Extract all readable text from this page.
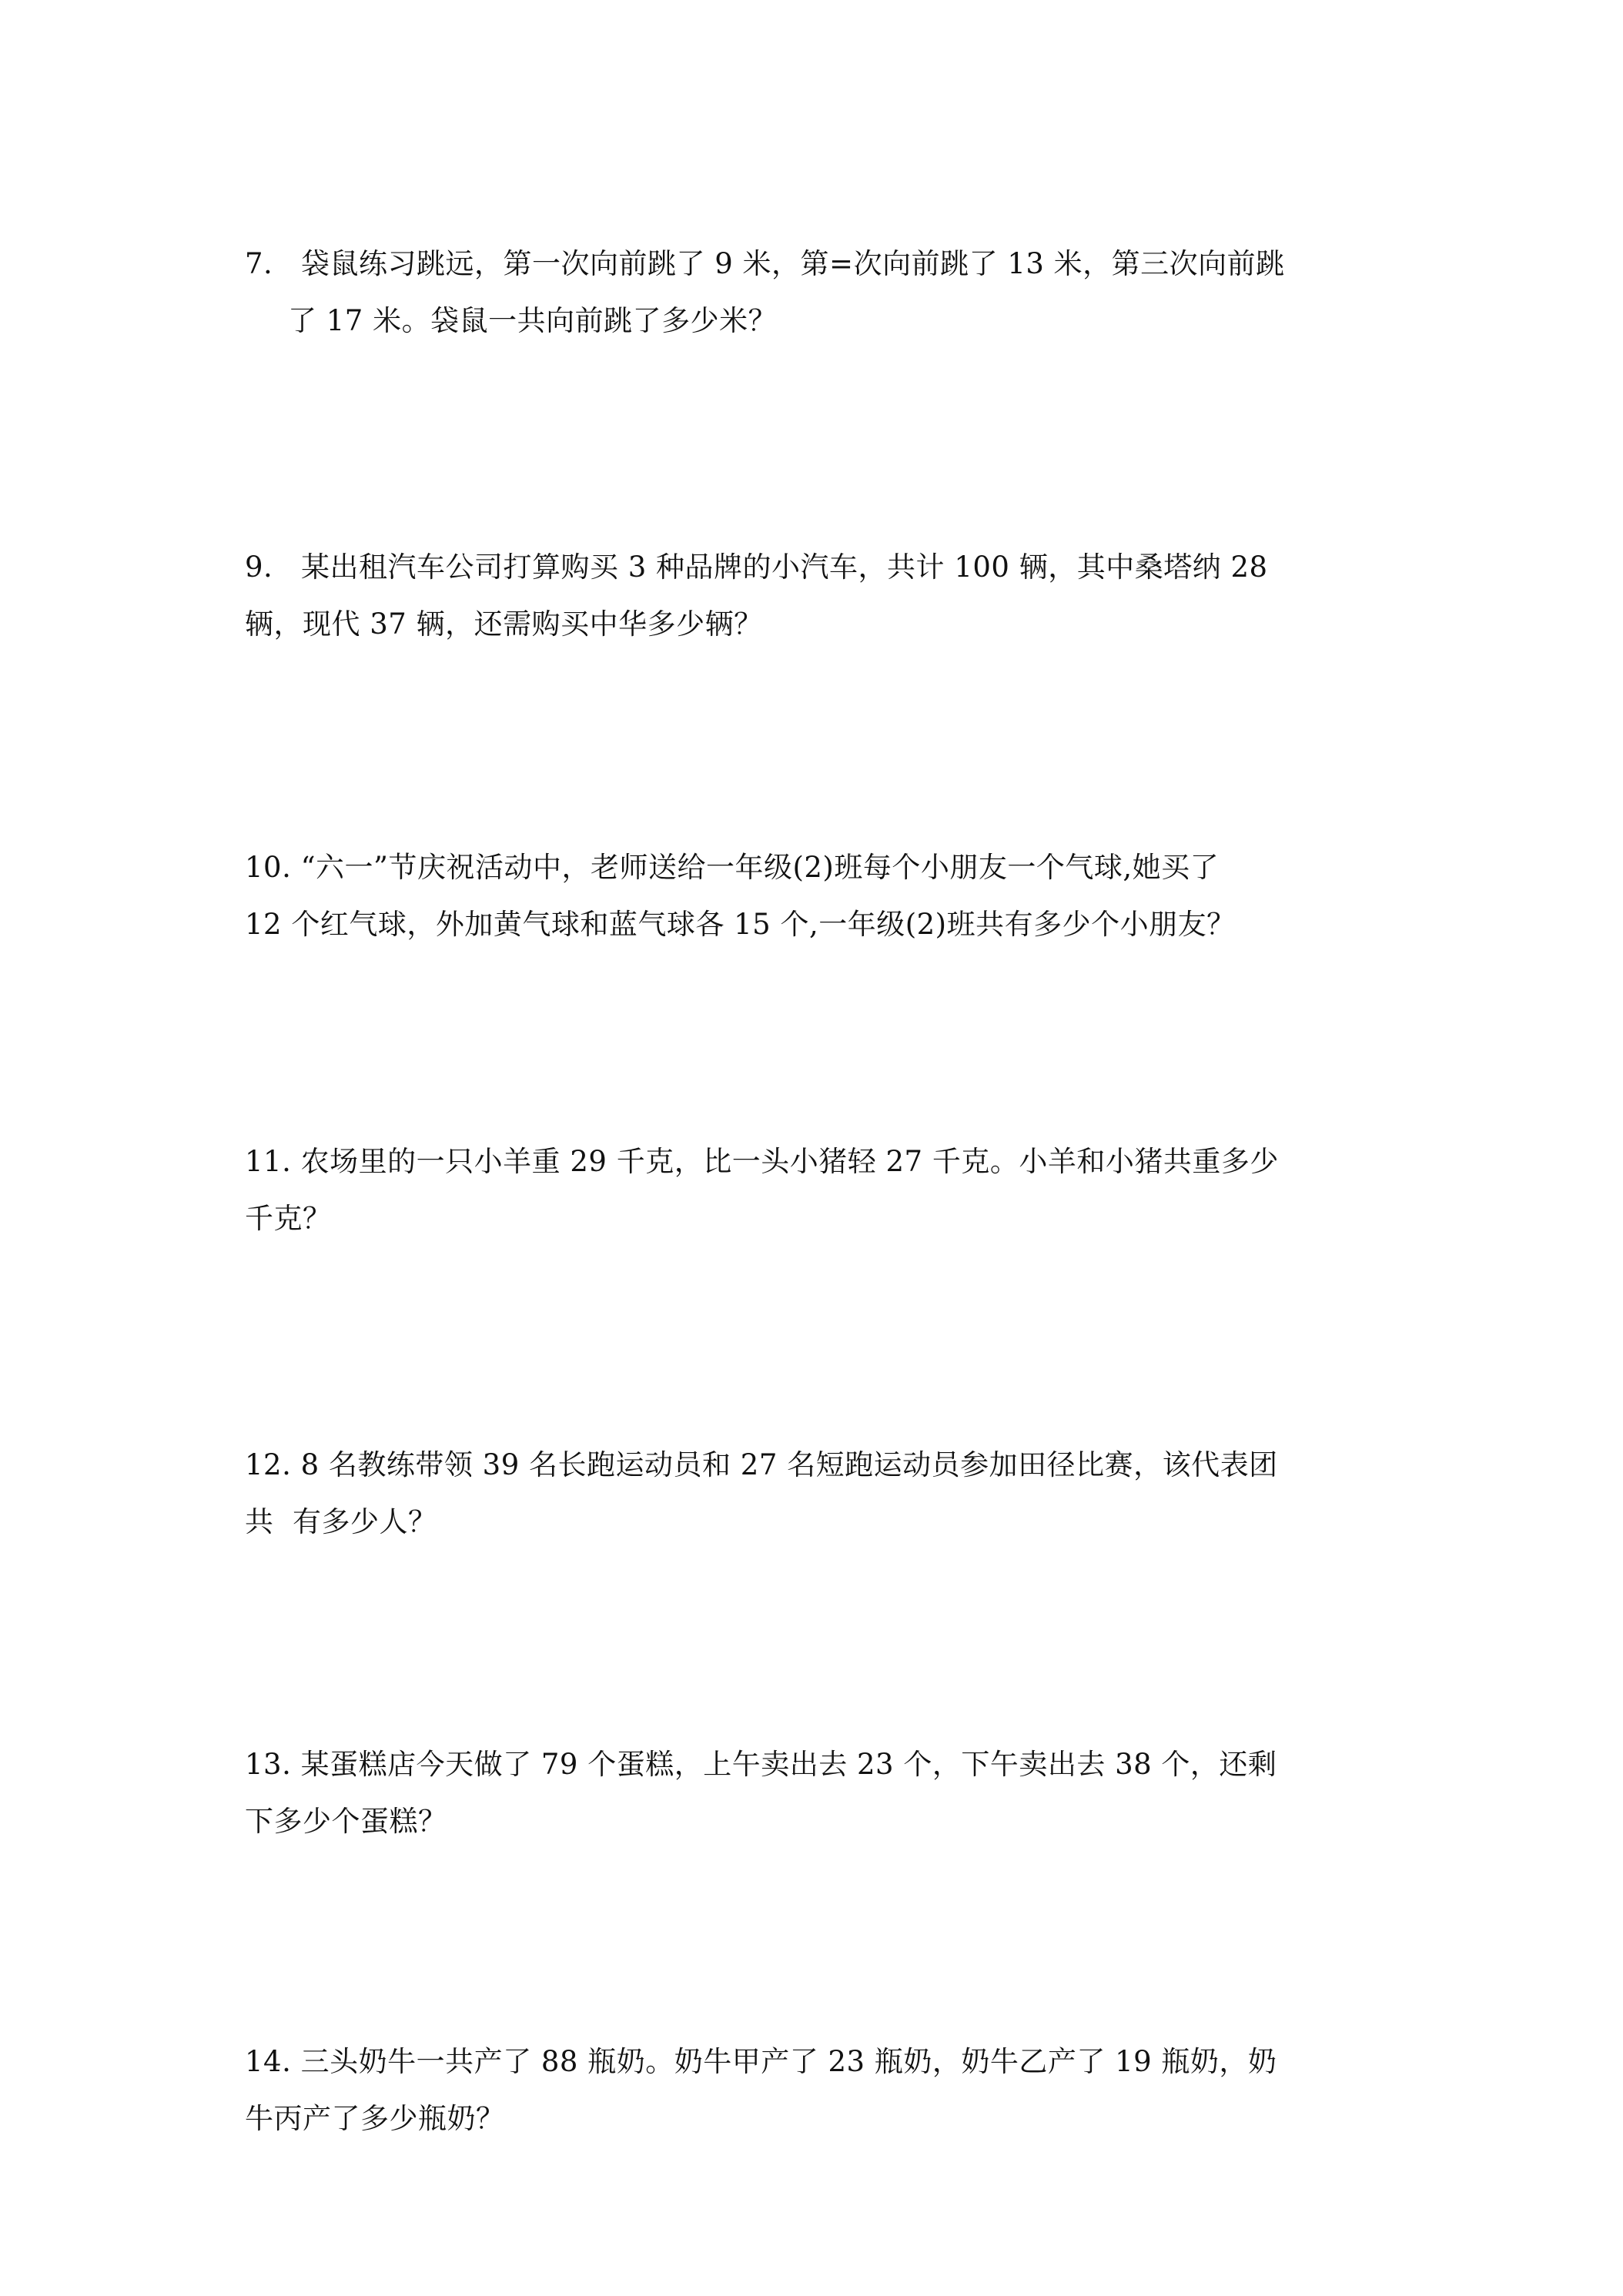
7. 袋鼠练习跳远，第一次向前跳了 9 米，第=次向前跳了 13 米，第三次向前跳
了 17 米。袋鼠一共向前跳了多少米？
9. 某出租汽车公司打算购买 3 种品牌的小汽车，共计 100 辆，其中桑塔纳 28
辆，现代 37 辆，还需购买中华多少辆？
10. “六一”节庆祝活动中，老师送给一年级(2)班每个小朋友一个气球,她买了
12 个红气球，外加黄气球和蓝气球各 15 个,一年级(2)班共有多少个小朋友？
11. 农场里的一只小羊重 29 千克，比一头小猪轻 27 千克。小羊和小猪共重多少
千克？
12. 8 名教练带领 39 名长跑运动员和 27 名短跑运动员参加田径比赛，该代表团
共  有多少人？
13. 某蛋糕店今天做了 79 个蛋糕，上午卖出去 23 个，下午卖出去 38 个，还剩
下多少个蛋糕？
14. 三头奶牛一共产了 88 瓶奶。奶牛甲产了 23 瓶奶，奶牛乙产了 19 瓶奶，奶
牛丙产了多少瓶奶？
